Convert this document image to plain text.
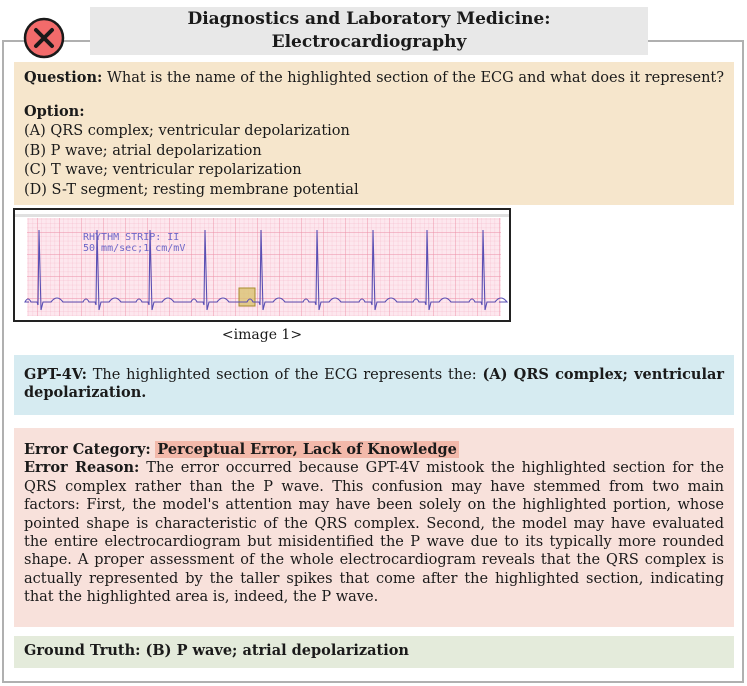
Diagnostics and Laboratory Medicine:
Electrocardiography
Question: What is the name of the highlighted section of the ECG and what does it represent?
Option:
(A) QRS complex; ventricular depolarization
(B) P wave; atrial depolarization
(C) T wave; ventricular repolarization
(D) S-T segment; resting membrane potential
RHYTHM STRIP: II
50 mm/sec;1 cm/mV
<image 1>
GPT-4V: The highlighted section of the ECG represents the: (A) QRS complex; ventricular depolarization.
Error Category: Perceptual Error, Lack of Knowledge
Error Reason: The error occurred because GPT-4V mistook the highlighted section for the QRS complex rather than the P wave. This confusion may have stemmed from two main factors: First, the model's attention may have been solely on the highlighted portion, whose pointed shape is characteristic of the QRS complex. Second, the model may have evaluated the entire electrocardiogram but misidentified the P wave due to its typically more rounded shape. A proper assessment of the whole electrocardiogram reveals that the QRS complex is actually represented by the taller spikes that come after the highlighted section, indicating that the highlighted area is, indeed, the P wave.
Ground Truth: (B) P wave; atrial depolarization
